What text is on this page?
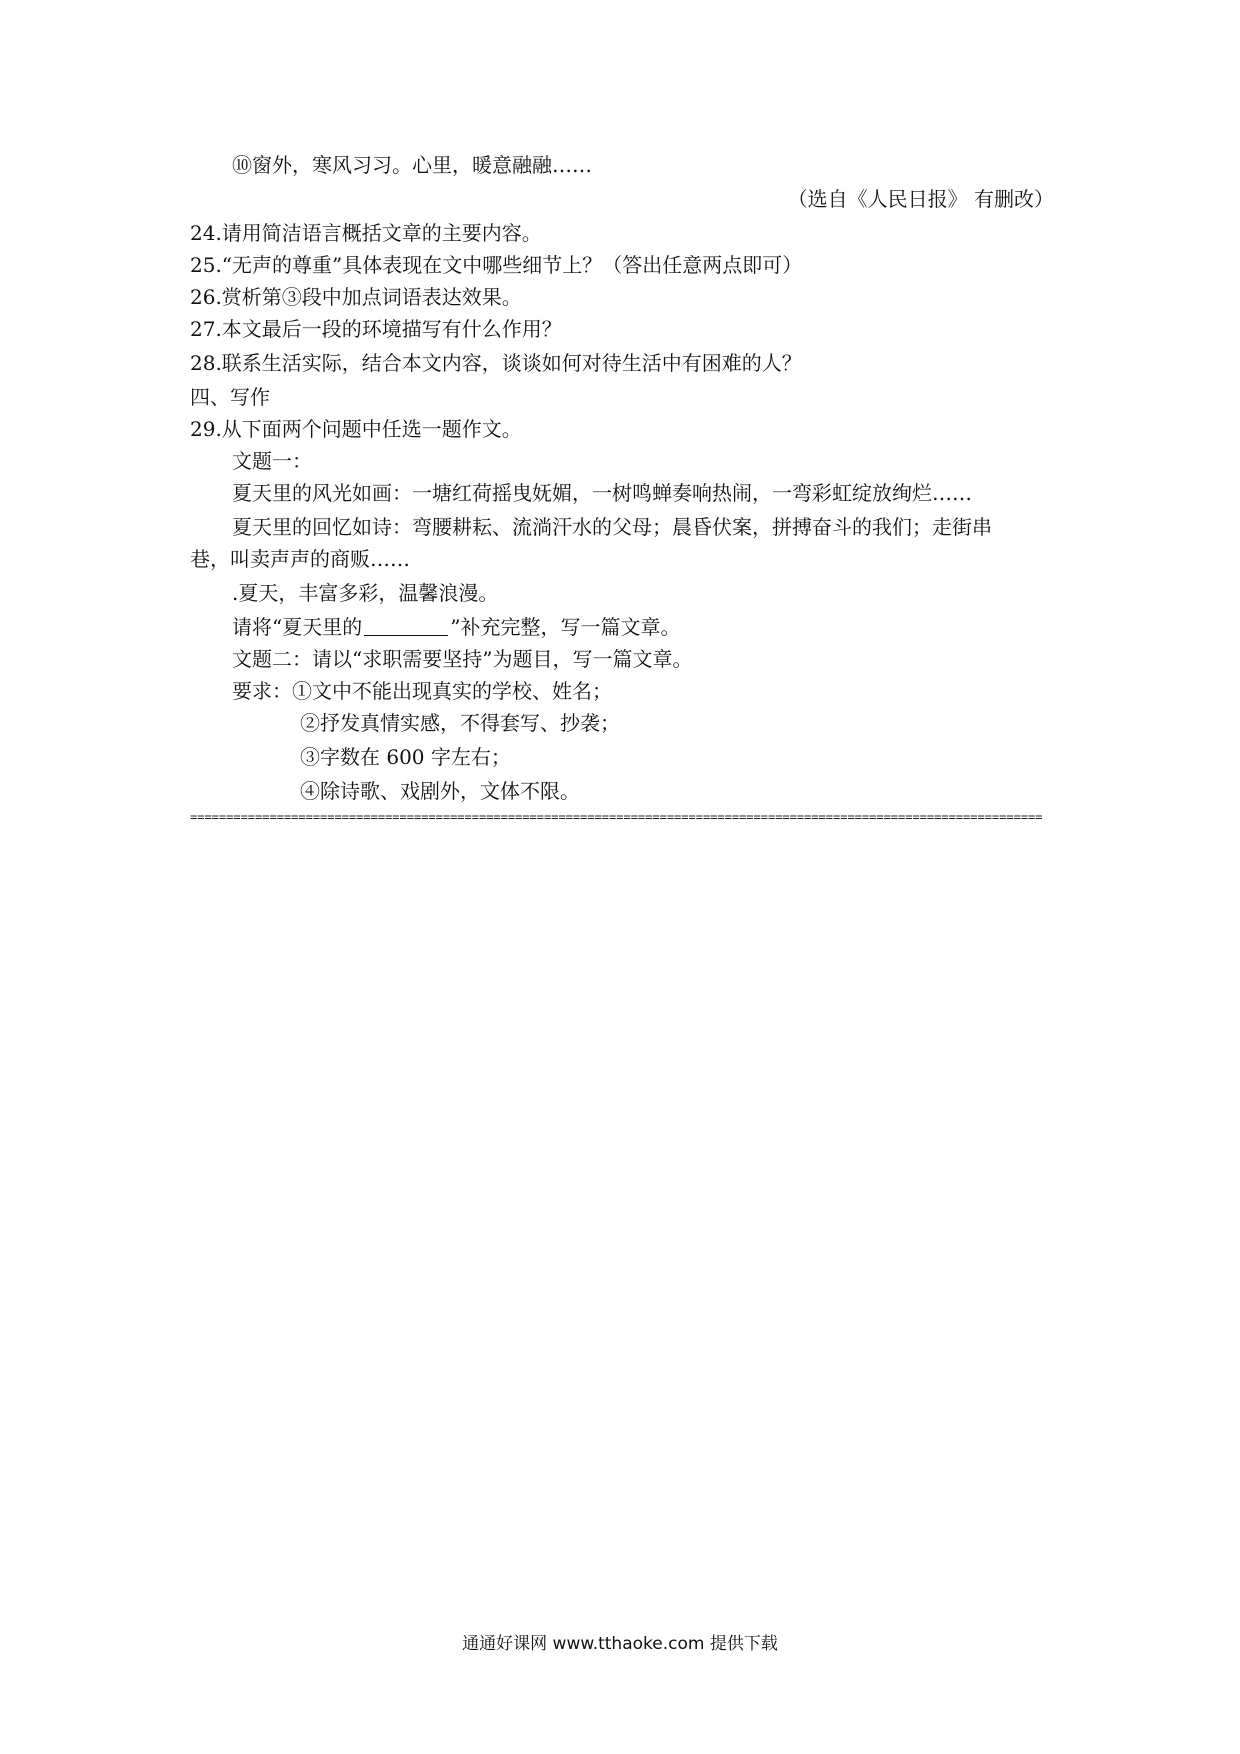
⑩窗外，寒风习习。心里，暖意融融……
（选自《人民日报》 有删改）
24.请用简洁语言概括文章的主要内容。
25.“无声的尊重”具体表现在文中哪些细节上？（答出任意两点即可）
26.赏析第③段中加点词语表达效果。
27.本文最后一段的环境描写有什么作用？
28.联系生活实际，结合本文内容，谈谈如何对待生活中有困难的人？
四、写作
29.从下面两个问题中任选一题作文。
文题一：
夏天里的风光如画：一塘红荷摇曳妩媚，一树鸣蝉奏响热闹，一弯彩虹绽放绚烂……
夏天里的回忆如诗：弯腰耕耘、流淌汗水的父母；晨昏伏案，拼搏奋斗的我们；走街串
巷，叫卖声声的商贩……
.夏天，丰富多彩，温馨浪漫。
请将“夏天里的	”补充完整，写一篇文章。
文题二：请以“求职需要坚持”为题目，写一篇文章。
要求：①文中不能出现真实的学校、姓名；
②抒发真情实感，不得套写、抄袭；
③字数在 600 字左右；
④除诗歌、戏剧外，文体不限。
======================================================================================================================
通通好课网 www.tthaoke.com 提供下载
